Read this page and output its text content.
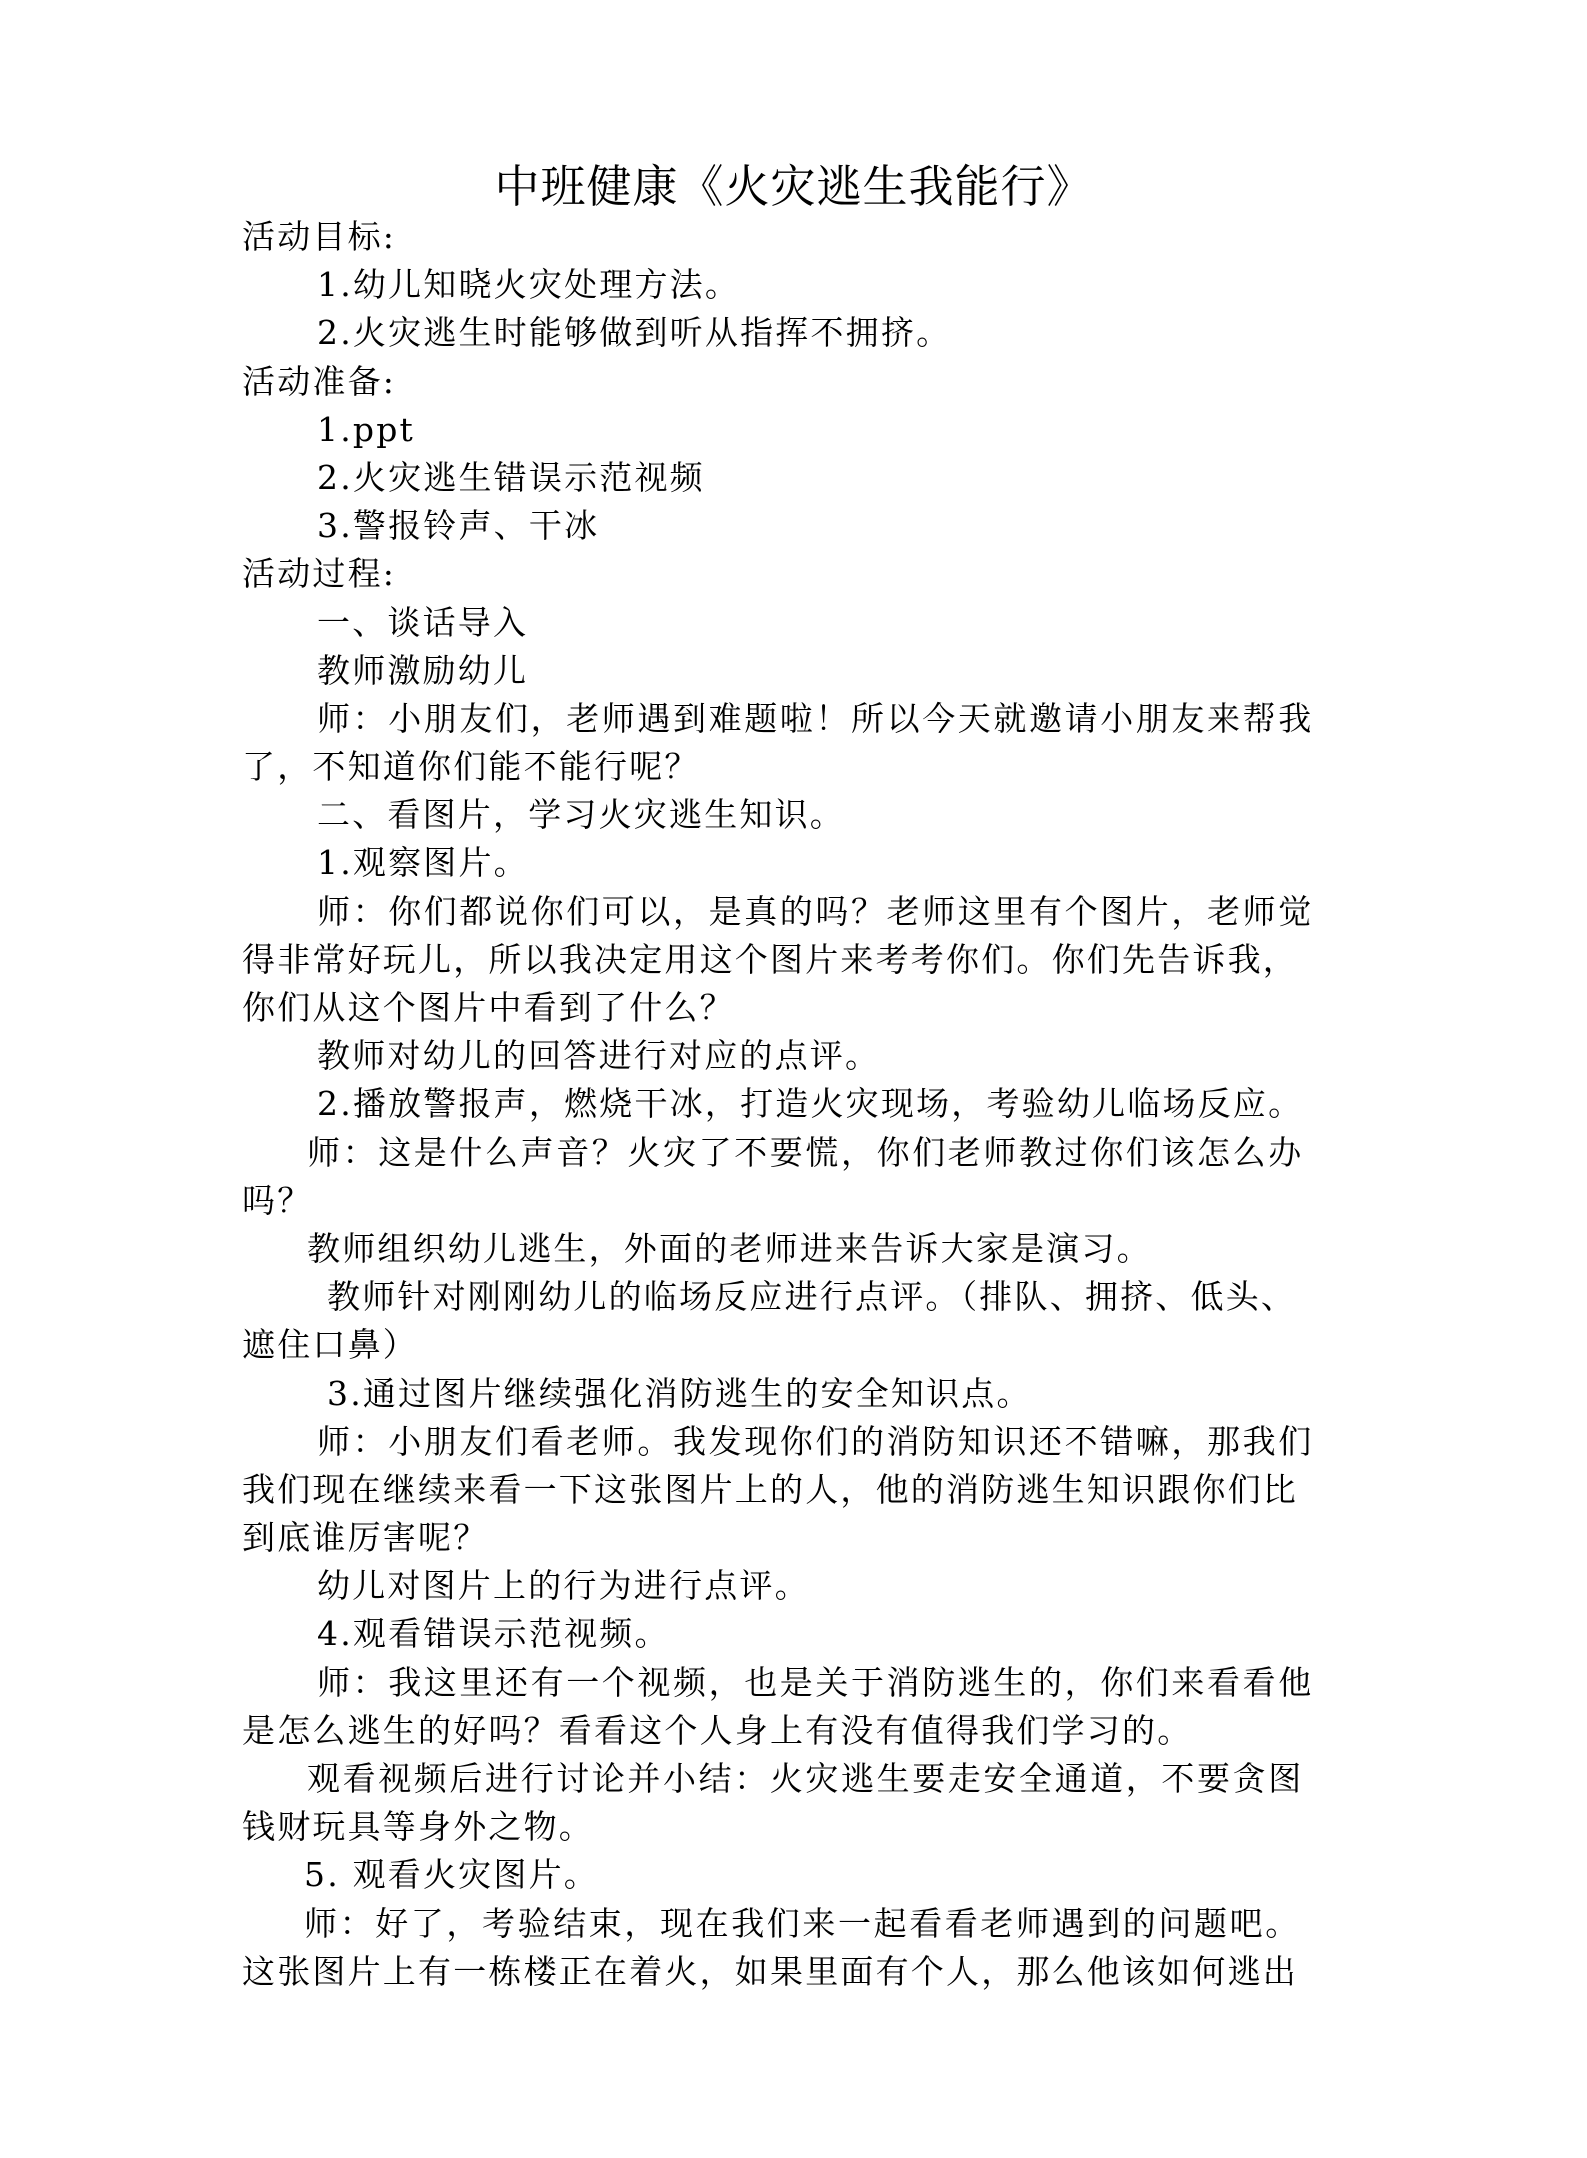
中班健康《火灾逃生我能行》
活动目标:
1.幼儿知晓火灾处理方法。
2.火灾逃生时能够做到听从指挥不拥挤。
活动准备:
1.ppt
2.火灾逃生错误示范视频
3.警报铃声、干冰
活动过程:
一、谈话导入
教师激励幼儿
师：小朋友们，老师遇到难题啦！所以今天就邀请小朋友来帮我
了，不知道你们能不能行呢？
二、看图片，学习火灾逃生知识。
1.观察图片。
师：你们都说你们可以，是真的吗？老师这里有个图片，老师觉
得非常好玩儿，所以我决定用这个图片来考考你们。你们先告诉我，
你们从这个图片中看到了什么？
教师对幼儿的回答进行对应的点评。
2.播放警报声，燃烧干冰，打造火灾现场，考验幼儿临场反应。
师：这是什么声音？火灾了不要慌，你们老师教过你们该怎么办
吗？
教师组织幼儿逃生，外面的老师进来告诉大家是演习。
教师针对刚刚幼儿的临场反应进行点评。（排队、拥挤、低头、
遮住口鼻）
3.通过图片继续强化消防逃生的安全知识点。
师：小朋友们看老师。我发现你们的消防知识还不错嘛，那我们
我们现在继续来看一下这张图片上的人，他的消防逃生知识跟你们比
到底谁厉害呢？
幼儿对图片上的行为进行点评。
4.观看错误示范视频。
师：我这里还有一个视频，也是关于消防逃生的，你们来看看他
是怎么逃生的好吗？看看这个人身上有没有值得我们学习的。
观看视频后进行讨论并小结：火灾逃生要走安全通道，不要贪图
钱财玩具等身外之物。
5. 观看火灾图片。
师：好了，考验结束，现在我们来一起看看老师遇到的问题吧。
这张图片上有一栋楼正在着火，如果里面有个人，那么他该如何逃出
